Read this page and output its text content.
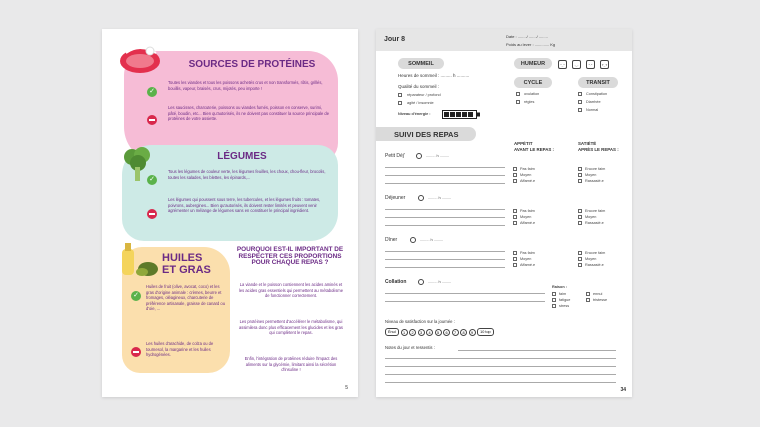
SOURCES DE PROTÉINES
✓
Toutes les viandes et tous les poissons achetés crus et non transformés, rôtis, grillés, bouillis, vapeur, braisés, crus, mijotés, peu importe !
Les saucisses, charcuterie, poissons ou viandes fumés, poisson en conserve, surimi, pâté, boudin, etc... Bien qu'autorisés, ils ne doivent pas constituer la source principale de protéines de votre assiette.
LÉGUMES
✓
Tous les légumes de couleur verte, les légumes feuilles, les choux, chou-fleur, brocolis, toutes les salades, les blettes, les épinards,...
Les légumes qui poussent sous terre, les tubercules, et les légumes fruits : tomates, poivrons, aubergines... Bien qu'autorisés, ils doivent rester limités et peuvent venir agrémenter un mélange de légumes sans en constituer le principal ingrédient.
HUILES
ET GRAS
✓
Huiles de fruit (olive, avocat, coco) et les gras d'origine animale : crèmes, beurre et fromages, oléagineux, charcuterie de préférence artisanale, graisse de canard ou d'oie, ...
Les huiles d'arachide, de colza ou de tournesol, la margarine et les huiles hydrogénées.
POURQUOI EST-IL IMPORTANT DE RESPECTER CES PROPORTIONS POUR CHAQUE REPAS ?
La viande et le poisson contiennent les acides aminés et les acides gras essentiels qui permettent au métabolisme de fonctionner correctement.
Les protéines permettent d'accélérer le métabolisme, qui assimilera donc plus efficacement les glucides et les gras qui complètent le repas.
Enfin, l'intégration de protéines réduire l'impact des aliments sur la glycémie, limitant ainsi la sécrétion d'insuline !
5
Jour 8	Date : ......../ ......./ ........
Poids au lever : ............. Kg
SOMMEIL
Heures de sommeil : ......... h ..........
Qualité du sommeil :
réparateur / profond
agité / insomnie
Niveau d'énergie :
HUMEUR	^_^	-_-	^.^	T_T
CYCLE
ovulation
règles
TRANSIT
Constipation
Diarrhée
Normal
SUIVI DES REPAS
APPÉTIT
AVANT LE REPAS :
SATIÉTÉ
APRÈS LE REPAS :
Petit Déj'	......... h .........
Pas faim
Moyen
Affamé.e
Encore faim
Moyen
Rassasié.e
Déjeuner	......... h .........
Pas faim
Moyen
Affamé.e
Encore faim
Moyen
Rassasié.e
Dîner	......... h .........
Pas faim
Moyen
Affamé.e
Encore faim
Moyen
Rassasié.e
Collation	......... h .........
Raison :
faim
fatigue
stress
ennui
tristesse
Niveau de satisfaction sur la journée :
Énul	1	2	3	4	5	6	7	8	9	10 top
Notes du jour et ressentis :
34
